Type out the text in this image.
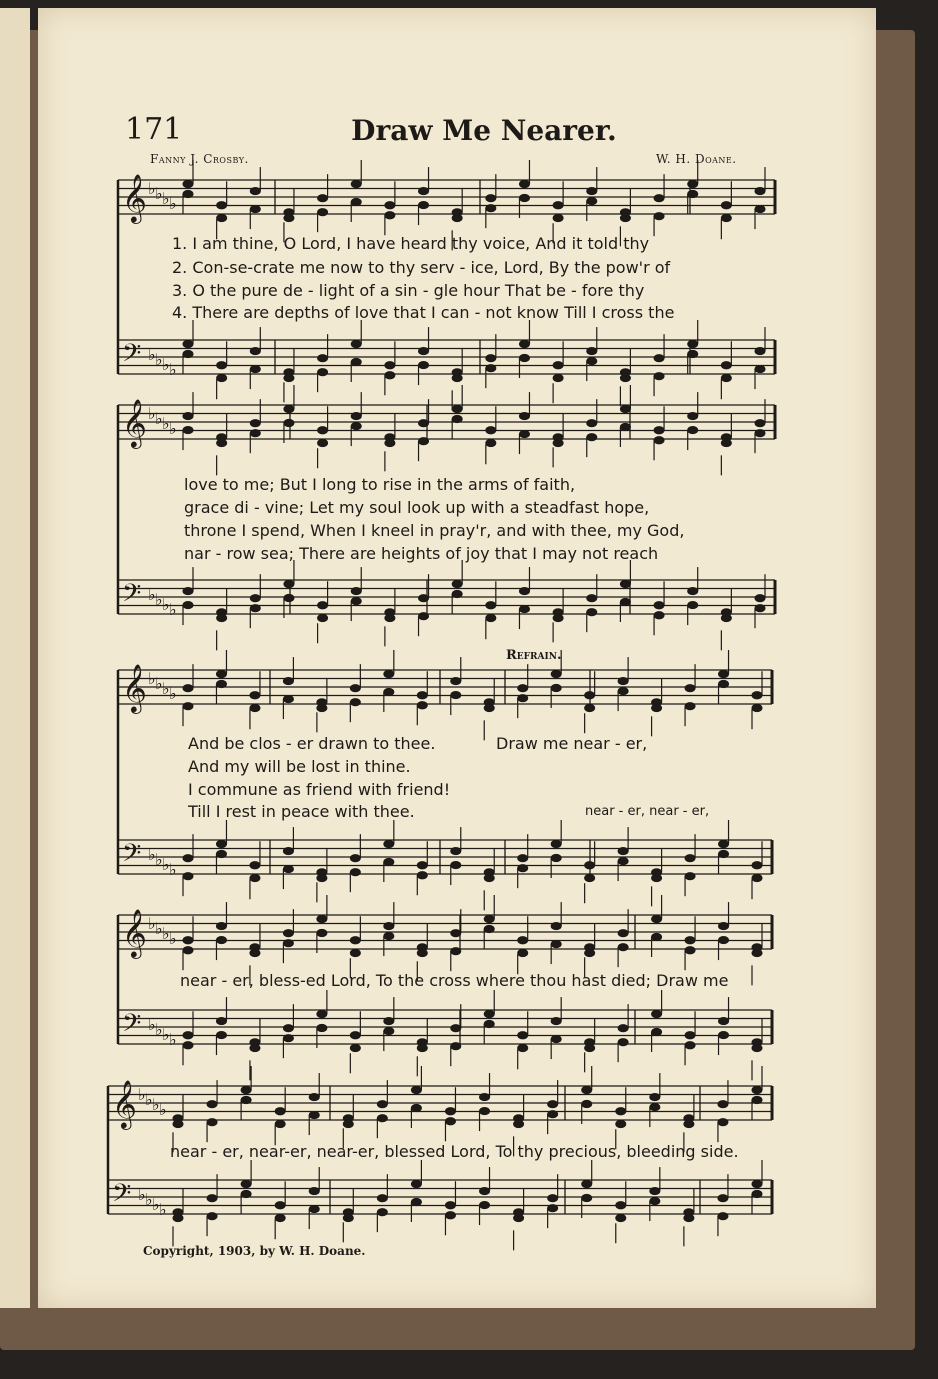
171	Draw Me Nearer.
Fanny J. Crosby.	W. H. Doane.
𝄞 ♭ ♭ ♭ ♭
𝄢 ♭ ♭ ♭ ♭
𝄞 ♭ ♭ ♭ ♭
𝄢 ♭ ♭ ♭ ♭
𝄞 ♭ ♭ ♭ ♭
𝄢 ♭ ♭ ♭ ♭
𝄞 ♭ ♭ ♭ ♭
𝄢 ♭ ♭ ♭ ♭
𝄞 ♭ ♭ ♭ ♭
𝄢 ♭ ♭ ♭ ♭
1. I am thine, O Lord, I have heard thy voice, And it told thy
2. Con-se-crate me now to thy serv - ice, Lord, By the pow'r of
3. O the pure de - light of a sin - gle hour That be - fore thy
4. There are depths of love that I can - not know Till I cross the
love to me; But I long to rise in the arms of faith,
grace di - vine; Let my soul look up with a steadfast hope,
throne I spend, When I kneel in pray'r, and with thee, my God,
nar - row sea; There are heights of joy that I may not reach
Refrain.
And be clos - er drawn to thee.
And my will be lost in thine.
I commune as friend with friend!
Till I rest in peace with thee.
Draw me near - er,
near - er, near - er,
near - er, bless-ed Lord, To the cross where thou hast died; Draw me
near - er, near-er, near-er, blessed Lord, To thy precious, bleeding side.
Copyright, 1903, by W. H. Doane.
